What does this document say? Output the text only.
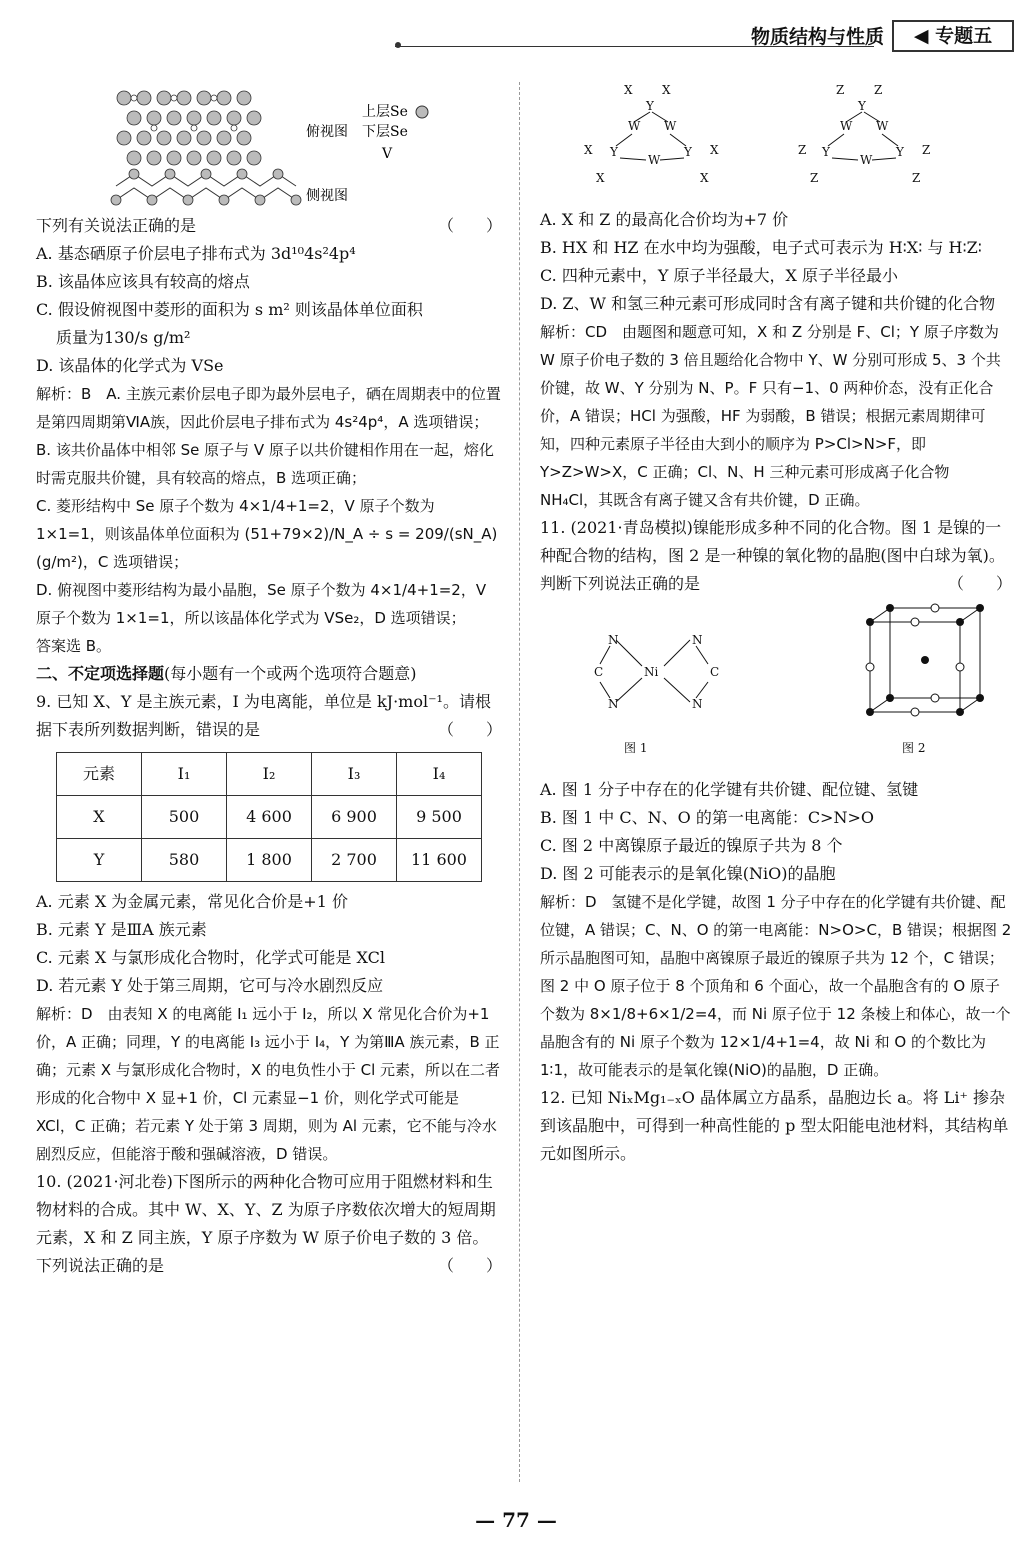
物质结构与性质	◀ 专题五
上层Se
俯视图 下层Se
V
侧视图

下列有关说法正确的是	（　　）

A. 基态硒原子价层电子排布式为 3d¹⁰4s²4p⁴

B. 该晶体应该具有较高的熔点

C. 假设俯视图中菱形的面积为 s m² 则该晶体单位面积

质量为130/s g/m²

D. 该晶体的化学式为 VSe

解析：B　A. 主族元素价层电子即为最外层电子，硒在周期表中的位置是第四周期第ⅥA族，因此价层电子排布式为 4s²4p⁴，A 选项错误；

B. 该共价晶体中相邻 Se 原子与 V 原子以共价键相作用在一起，熔化时需克服共价键，具有较高的熔点，B 选项正确；

C. 菱形结构中 Se 原子个数为 4×1/4+1=2，V 原子个数为 1×1=1，则该晶体单位面积为 (51+79×2)/N_A ÷ s = 209/(sN_A)(g/m²)，C 选项错误；

D. 俯视图中菱形结构为最小晶胞，Se 原子个数为 4×1/4+1=2，V 原子个数为 1×1=1，所以该晶体化学式为 VSe₂，D 选项错误；

答案选 B。

二、不定项选择题(每小题有一个或两个选项符合题意)

9. 已知 X、Y 是主族元素，I 为电离能，单位是 kJ·mol⁻¹。请根据下表所列数据判断，错误的是	（　　）

元素	I₁	I₂	I₃	I₄
X	500	4 600	6 900	9 500
Y	580	1 800	2 700	11 600

A. 元素 X 为金属元素，常见化合价是+1 价

B. 元素 Y 是ⅢA 族元素

C. 元素 X 与氯形成化合物时，化学式可能是 XCl

D. 若元素 Y 处于第三周期，它可与冷水剧烈反应

解析：D　由表知 X 的电离能 I₁ 远小于 I₂，所以 X 常见化合价为+1 价，A 正确；同理，Y 的电离能 I₃ 远小于 I₄，Y 为第ⅢA 族元素，B 正确；元素 X 与氯形成化合物时，X 的电负性小于 Cl 元素，所以在二者形成的化合物中 X 显+1 价，Cl 元素显−1 价，则化学式可能是 XCl，C 正确；若元素 Y 处于第 3 周期，则为 Al 元素，它不能与冷水剧烈反应，但能溶于酸和强碱溶液，D 错误。

10. (2021·河北卷)下图所示的两种化合物可应用于阻燃材料和生物材料的合成。其中 W、X、Y、Z 为原子序数依次增大的短周期元素，X 和 Z 同主族，Y 原子序数为 W 原子价电子数的 3 倍。下列说法正确的是	（　　）

X X
Y
W W
Y
W
Y
X	X
X	X
Z Z
Y
W W
Y
W
Y
Z	Z
Z	Z

A. X 和 Z 的最高化合价均为+7 价

B. HX 和 HZ 在水中均为强酸，电子式可表示为 H∶X∶ 与 H∶Z∶

C. 四种元素中，Y 原子半径最大，X 原子半径最小

D. Z、W 和氢三种元素可形成同时含有离子键和共价键的化合物

解析：CD　由题图和题意可知，X 和 Z 分别是 F、Cl；Y 原子序数为 W 原子价电子数的 3 倍且题给化合物中 Y、W 分别可形成 5、3 个共价键，故 W、Y 分别为 N、P。F 只有−1、0 两种价态，没有正化合价，A 错误；HCl 为强酸，HF 为弱酸，B 错误；根据元素周期律可知，四种元素原子半径由大到小的顺序为 P>Cl>N>F，即 Y>Z>W>X，C 正确；Cl、N、H 三种元素可形成离子化合物 NH₄Cl，其既含有离子键又含有共价键，D 正确。

11. (2021·青岛模拟)镍能形成多种不同的化合物。图 1 是镍的一种配合物的结构，图 2 是一种镍的氧化物的晶胞(图中白球为氧)。判断下列说法正确的是	（　　）

图 1	图 2
Ni
N
N
N
N
C	C

A. 图 1 分子中存在的化学键有共价键、配位键、氢键

B. 图 1 中 C、N、O 的第一电离能：C>N>O

C. 图 2 中离镍原子最近的镍原子共为 8 个

D. 图 2 可能表示的是氧化镍(NiO)的晶胞

解析：D　氢键不是化学键，故图 1 分子中存在的化学键有共价键、配位键，A 错误；C、N、O 的第一电离能：N>O>C，B 错误；根据图 2 所示晶胞图可知，晶胞中离镍原子最近的镍原子共为 12 个，C 错误；图 2 中 O 原子位于 8 个顶角和 6 个面心，故一个晶胞含有的 O 原子个数为 8×1/8+6×1/2=4，而 Ni 原子位于 12 条棱上和体心，故一个晶胞含有的 Ni 原子个数为 12×1/4+1=4，故 Ni 和 O 的个数比为 1∶1，故可能表示的是氧化镍(NiO)的晶胞，D 正确。

12. 已知 NiₓMg₁₋ₓO 晶体属立方晶系，晶胞边长 a。将 Li⁺ 掺杂到该晶胞中，可得到一种高性能的 p 型太阳能电池材料，其结构单元如图所示。

— 77 —
